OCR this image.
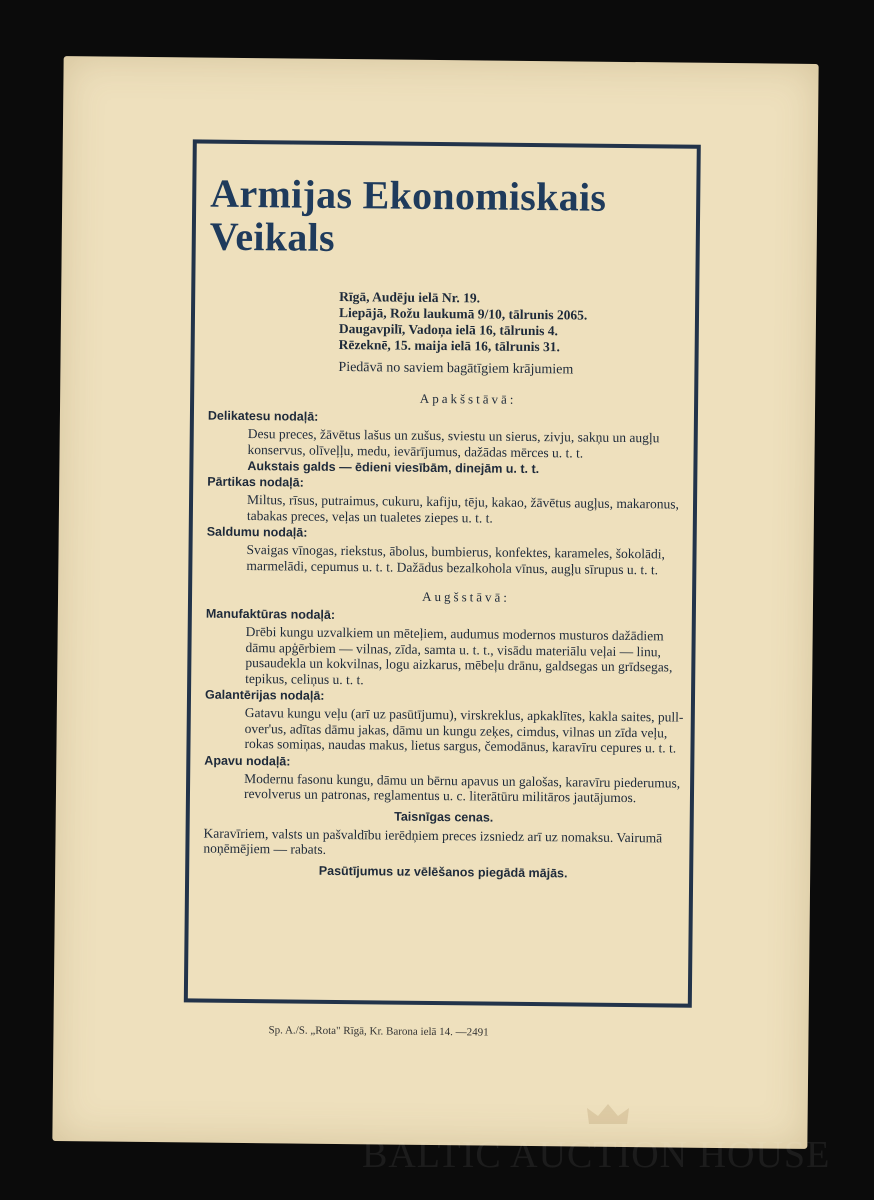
Armijas Ekonomiskais Veikals
Rīgā, Audēju ielā Nr. 19.
Liepājā, Rožu laukumā 9/10, tālrunis 2065.
Daugavpilī, Vadoņa ielā 16, tālrunis 4.
Rēzeknē, 15. maija ielā 16, tālrunis 31.
Piedāvā no saviem bagātīgiem krājumiem
Apakšstāvā:
Delikatesu nodaļā:
Desu preces, žāvētus lašus un zušus, sviestu un sierus, zivju, sakņu un augļu konservus, olīveļļu, medu, ievārījumus, dažādas mērces u. t. t.
Aukstais galds — ēdieni viesībām, dinejām u. t. t.
Pārtikas nodaļā:
Miltus, rīsus, putraimus, cukuru, kafiju, tēju, kakao, žāvētus augļus, makaronus, tabakas preces, veļas un tualetes ziepes u. t. t.
Saldumu nodaļā:
Svaigas vīnogas, riekstus, ābolus, bumbierus, konfektes, karameles, šokolādi, marmelādi, cepumus u. t. t. Dažādus bezalkohola vīnus, augļu sīrupus u. t. t.
Augšstāvā:
Manufaktūras nodaļā:
Drēbi kungu uzvalkiem un mēteļiem, audumus modernos musturos dažādiem dāmu apģērbiem — vilnas, zīda, samta u. t. t., visādu materiālu veļai — linu, pusaudekla un kokvilnas, logu aizkarus, mēbeļu drānu, galdsegas un grīdsegas, tepikus, celiņus u. t. t.
Galantērijas nodaļā:
Gatavu kungu veļu (arī uz pasūtījumu), virskreklus, apkaklītes, kakla saites, pull-over'us, adītas dāmu jakas, dāmu un kungu zeķes, cimdus, vilnas un zīda veļu, rokas somiņas, naudas makus, lietus sargus, čemodānus, karavīru cepures u. t. t.
Apavu nodaļā:
Modernu fasonu kungu, dāmu un bērnu apavus un galošas, karavīru piederumus, revolverus un patronas, reglamentus u. c. literātūru militāros jautājumos.
Taisnīgas cenas.
Karavīriem, valsts un pašvaldību ierēdņiem preces izsniedz arī uz nomaksu. Vairumā noņēmējiem — rabats.
Pasūtījumus uz vēlēšanos piegādā mājās.
Sp. A./S. „Rota" Rīgā, Kr. Barona ielā 14. —2491
BALTIC AUCTION HOUSE
